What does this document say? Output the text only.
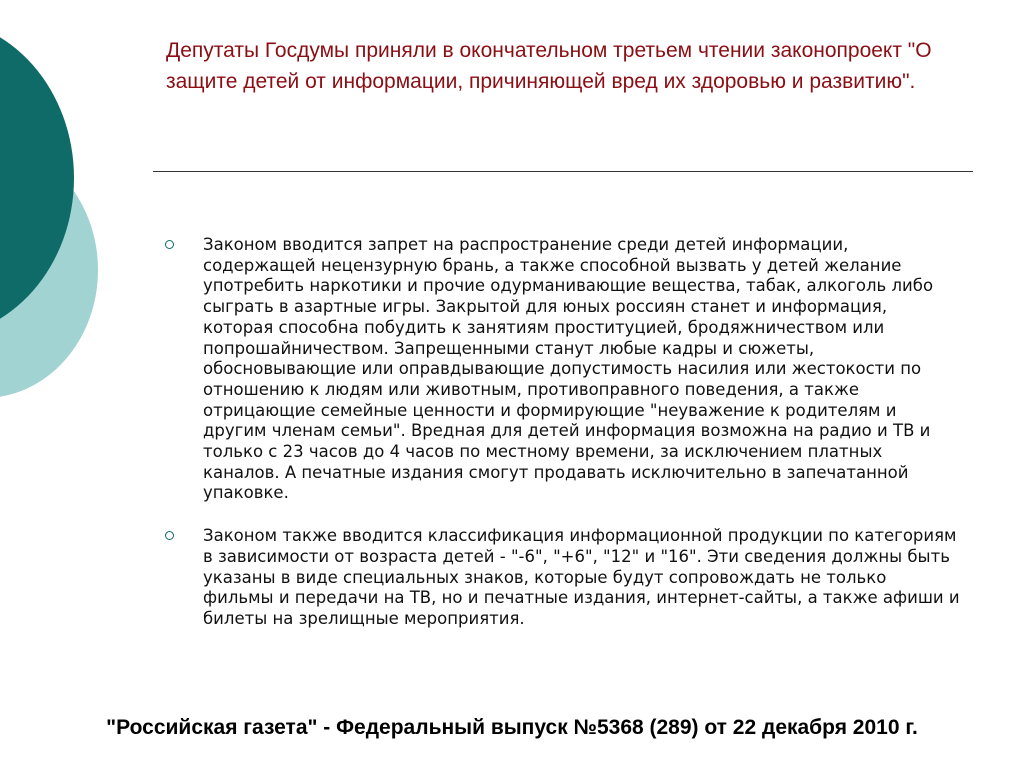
Депутаты Госдумы приняли в окончательном третьем чтении законопроект "О защите детей от информации, причиняющей вред их здоровью и развитию".

Законом вводится запрет на распространение среди детей информации, содержащей нецензурную брань, а также способной вызвать у детей желание употребить наркотики и прочие одурманивающие вещества, табак, алкоголь либо сыграть в азартные игры. Закрытой для юных россиян станет и информация, которая способна побудить к занятиям проституцией, бродяжничеством или попрошайничеством. Запрещенными станут любые кадры и сюжеты, обосновывающие или оправдывающие допустимость насилия или жестокости по отношению к людям или животным, противоправного поведения, а также отрицающие семейные ценности и формирующие "неуважение к родителям и другим членам семьи". Вредная для детей информация возможна на радио и ТВ и только с 23 часов до 4 часов по местному времени, за исключением платных каналов. А печатные издания смогут продавать исключительно в запечатанной упаковке.

Законом также вводится классификация информационной продукции по категориям в зависимости от возраста детей - "-6", "+6", "12" и "16". Эти сведения должны быть указаны в виде специальных знаков, которые будут сопровождать не только фильмы и передачи на ТВ, но и печатные издания, интернет-сайты, а также афиши и билеты на зрелищные мероприятия.

"Российская газета" - Федеральный выпуск №5368 (289) от 22 декабря 2010 г.
